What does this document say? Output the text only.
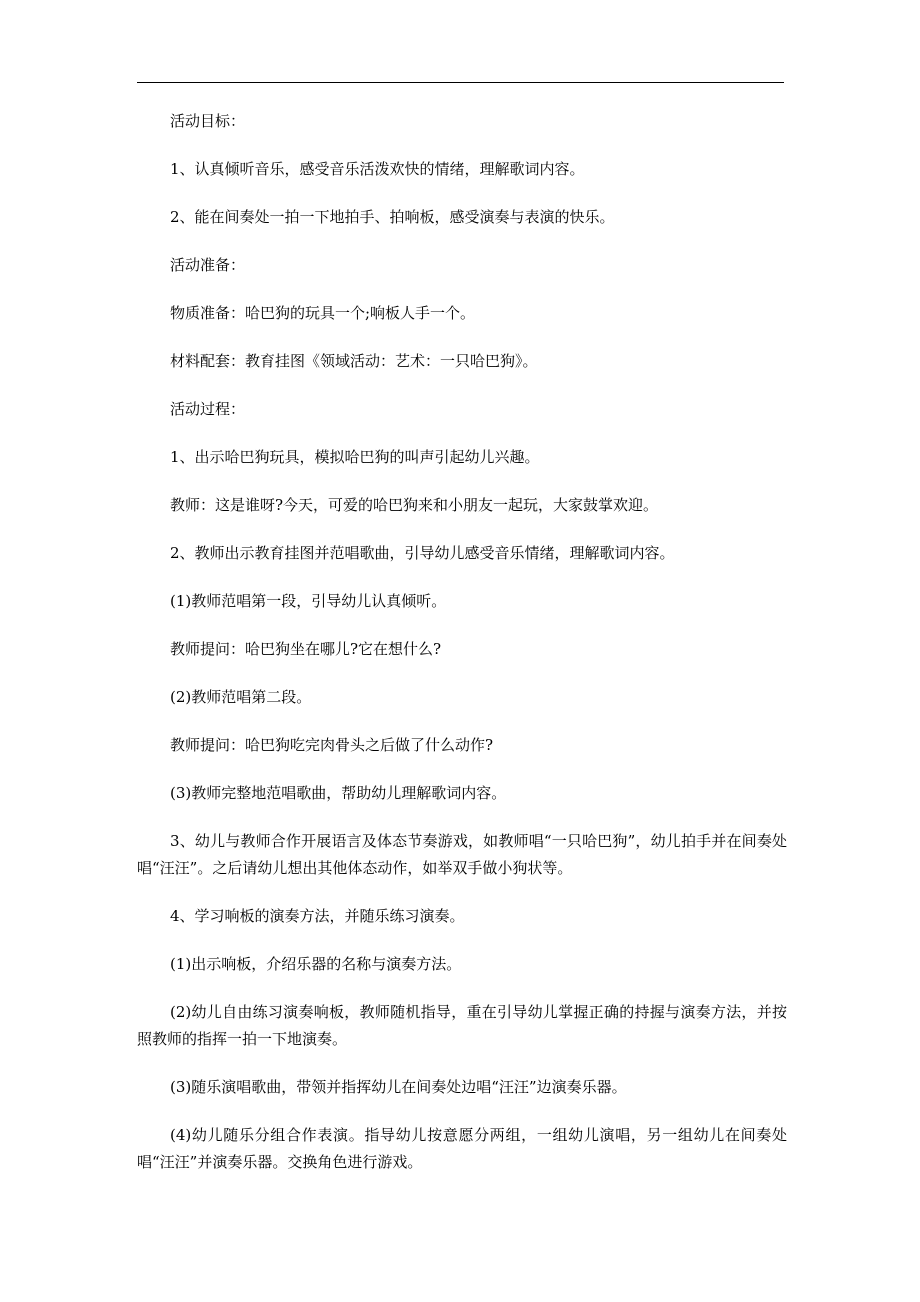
活动目标：

1、认真倾听音乐，感受音乐活泼欢快的情绪，理解歌词内容。

2、能在间奏处一拍一下地拍手、拍响板，感受演奏与表演的快乐。

活动准备：

物质准备：哈巴狗的玩具一个;响板人手一个。

材料配套：教育挂图《领域活动：艺术：一只哈巴狗》。

活动过程：

1、出示哈巴狗玩具，模拟哈巴狗的叫声引起幼儿兴趣。

教师：这是谁呀?今天，可爱的哈巴狗来和小朋友一起玩，大家鼓掌欢迎。

2、教师出示教育挂图并范唱歌曲，引导幼儿感受音乐情绪，理解歌词内容。

(1)教师范唱第一段，引导幼儿认真倾听。

教师提问：哈巴狗坐在哪儿?它在想什么?

(2)教师范唱第二段。

教师提问：哈巴狗吃完肉骨头之后做了什么动作?

(3)教师完整地范唱歌曲，帮助幼儿理解歌词内容。

3、幼儿与教师合作开展语言及体态节奏游戏，如教师唱“一只哈巴狗”，幼儿拍手并在间奏处唱“汪汪”。之后请幼儿想出其他体态动作，如举双手做小狗状等。

4、学习响板的演奏方法，并随乐练习演奏。

(1)出示响板，介绍乐器的名称与演奏方法。

(2)幼儿自由练习演奏响板，教师随机指导，重在引导幼儿掌握正确的持握与演奏方法，并按照教师的指挥一拍一下地演奏。

(3)随乐演唱歌曲，带领并指挥幼儿在间奏处边唱“汪汪”边演奏乐器。

(4)幼儿随乐分组合作表演。指导幼儿按意愿分两组，一组幼儿演唱，另一组幼儿在间奏处唱“汪汪”并演奏乐器。交换角色进行游戏。
